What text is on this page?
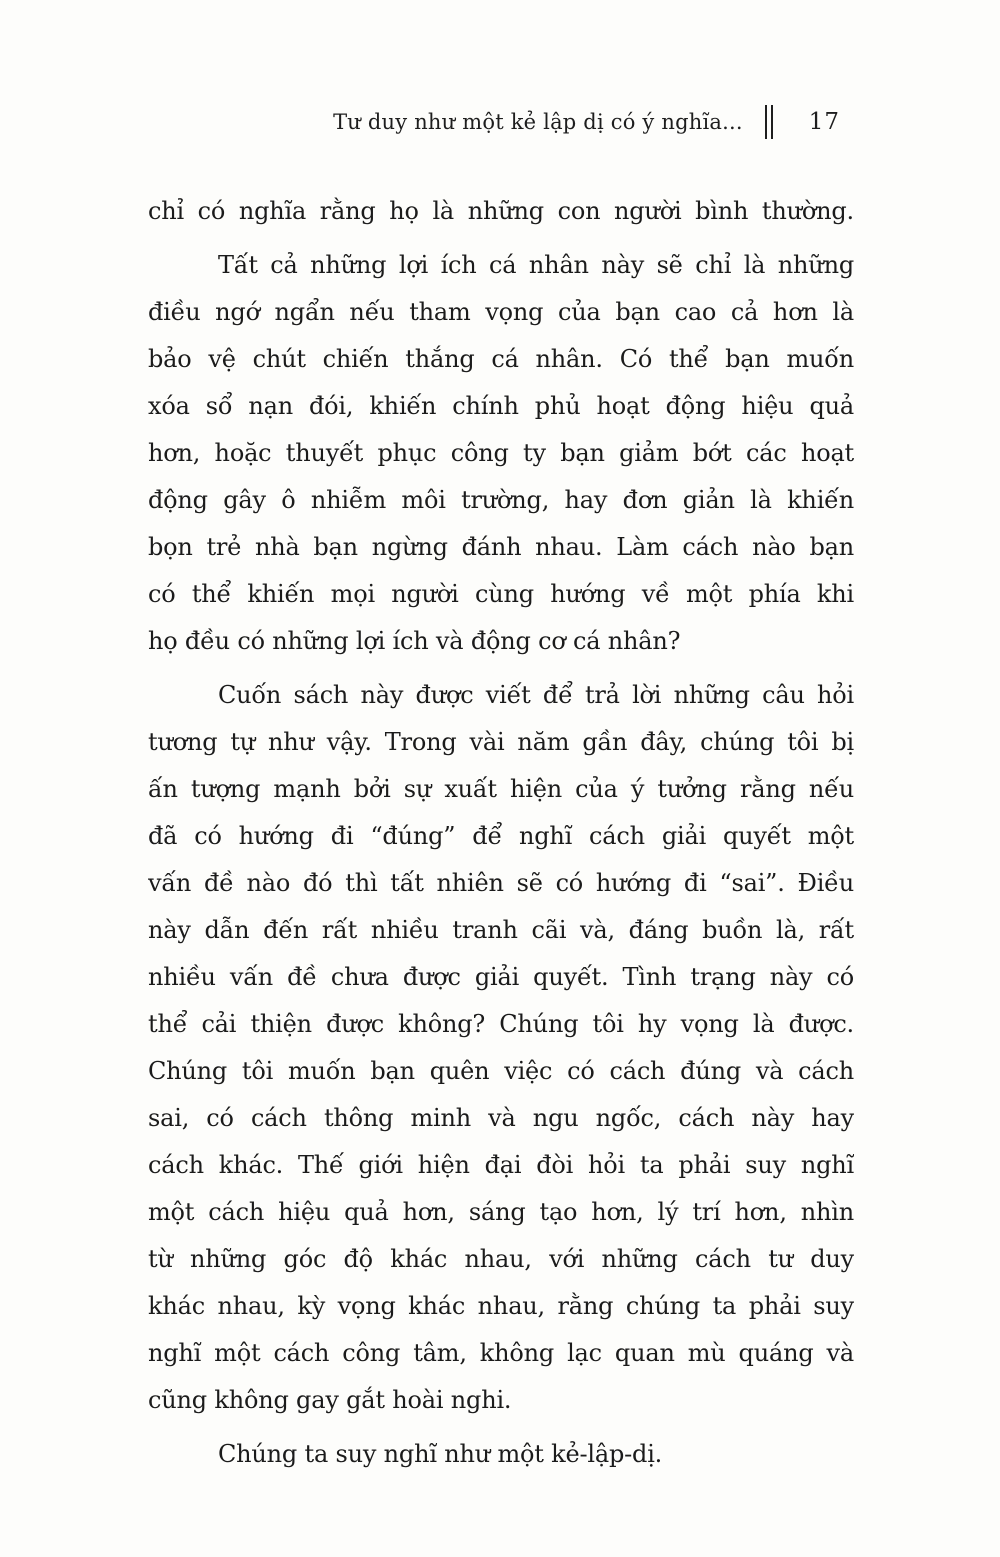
Tư duy như một kẻ lập dị có ý nghĩa...	17
chỉ có nghĩa rằng họ là những con người bình thường.
Tất cả những lợi ích cá nhân này sẽ chỉ là những
điều ngớ ngẩn nếu tham vọng của bạn cao cả hơn là
bảo vệ chút chiến thắng cá nhân. Có thể bạn muốn
xóa sổ nạn đói, khiến chính phủ hoạt động hiệu quả
hơn, hoặc thuyết phục công ty bạn giảm bớt các hoạt
động gây ô nhiễm môi trường, hay đơn giản là khiến
bọn trẻ nhà bạn ngừng đánh nhau. Làm cách nào bạn
có thể khiến mọi người cùng hướng về một phía khi
họ đều có những lợi ích và động cơ cá nhân?
Cuốn sách này được viết để trả lời những câu hỏi
tương tự như vậy. Trong vài năm gần đây, chúng tôi bị
ấn tượng mạnh bởi sự xuất hiện của ý tưởng rằng nếu
đã có hướng đi “đúng” để nghĩ cách giải quyết một
vấn đề nào đó thì tất nhiên sẽ có hướng đi “sai”. Điều
này dẫn đến rất nhiều tranh cãi và, đáng buồn là, rất
nhiều vấn đề chưa được giải quyết. Tình trạng này có
thể cải thiện được không? Chúng tôi hy vọng là được.
Chúng tôi muốn bạn quên việc có cách đúng và cách
sai, có cách thông minh và ngu ngốc, cách này hay
cách khác. Thế giới hiện đại đòi hỏi ta phải suy nghĩ
một cách hiệu quả hơn, sáng tạo hơn, lý trí hơn, nhìn
từ những góc độ khác nhau, với những cách tư duy
khác nhau, kỳ vọng khác nhau, rằng chúng ta phải suy
nghĩ một cách công tâm, không lạc quan mù quáng và
cũng không gay gắt hoài nghi.
Chúng ta suy nghĩ như một kẻ-lập-dị.
